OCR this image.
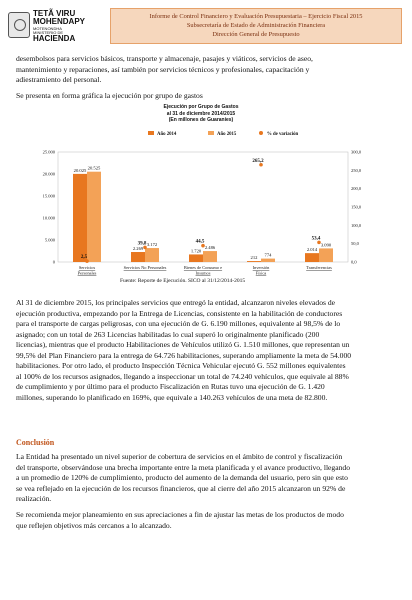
TETÃ VIRU
MOHENDAPY
MOTENONDHA
MINISTERIO DE
HACIENDA
Informe de Control Financiero y Evaluación Presupuestaria – Ejercicio Fiscal 2015
Subsecretaría de Estado de Administración Financiera
Dirección General de Presupuesto
desembolsos para servicios básicos, transporte y almacenaje, pasajes y viáticos, servicios de aseo,
mantenimiento y reparaciones, así también por servicios técnicos y profesionales, capacitación y
adiestramiento del personal.
Se presenta en forma gráfica la ejecución por grupo de gastos
Ejecución por Grupo de Gastos
al 31 de diciembre 2014/2015
(En millones de Guaraníes)
Año 2014	Año 2015	% de variación
0
5.000
10.000
15.000
20.000
25.000
0,0
50,0
100,0
150,0
200,0
250,0
300,0
20.025 20.525
2,5
Servicios
Personales
2.269
3.172
39,8
Servicios No Personales
1.720
2.486
44,5
Bienes de Consumo e
Insumos
212 774
265,2
Inversión
Física
2.014
3.090
53,4
Transferencias
Fuente: Reporte de Ejecución. SICO al 31/12/2014-2015
Al 31 de diciembre 2015, los principales servicios que entregó la entidad, alcanzaron niveles elevados de
ejecución productiva, empezando por la Entrega de Licencias, consistente en la habilitación de conductores
para el transporte de cargas peligrosas, con una ejecución de G. 6.190 millones, equivalente al 98,5% de lo
asignado; con un total de 263 Licencias habilitadas lo cual superó lo originalmente planificado (200
licencias), mientras que el producto Habilitaciones de Vehículos utilizó G. 1.510 millones, que representan un
99,5% del Plan Financiero para la entrega de 64.726 habilitaciones, superando ampliamente la meta de 54.000
habilitaciones. Por otro lado, el producto Inspección Técnica Vehicular ejecutó G. 552 millones equivalentes
al 100% de los recursos asignados, llegando a inspeccionar un total de 74.240 vehículos, que equivale al 88%
de cumplimiento y por último para el producto Fiscalización en Rutas tuvo una ejecución de G. 1.420
millones, superando lo planificado en 169%, que equivale a 140.263 vehículos de una meta de 82.800.
Conclusión
La Entidad ha presentado un nivel superior de cobertura de servicios en el ámbito de control y fiscalización
del transporte, observándose una brecha importante entre la meta planificada y el avance productivo, llegando
a un promedio de 120% de cumplimiento, producto del aumento de la demanda del usuario, pero sin que esto
se vea reflejado en la ejecución de los recursos financieros, que al cierre del año 2015 alcanzaron un 92% de
realización.
Se recomienda mejor planeamiento en sus apreciaciones a fin de ajustar las metas de los productos de modo
que reflejen objetivos más cercanos a lo alcanzado.
